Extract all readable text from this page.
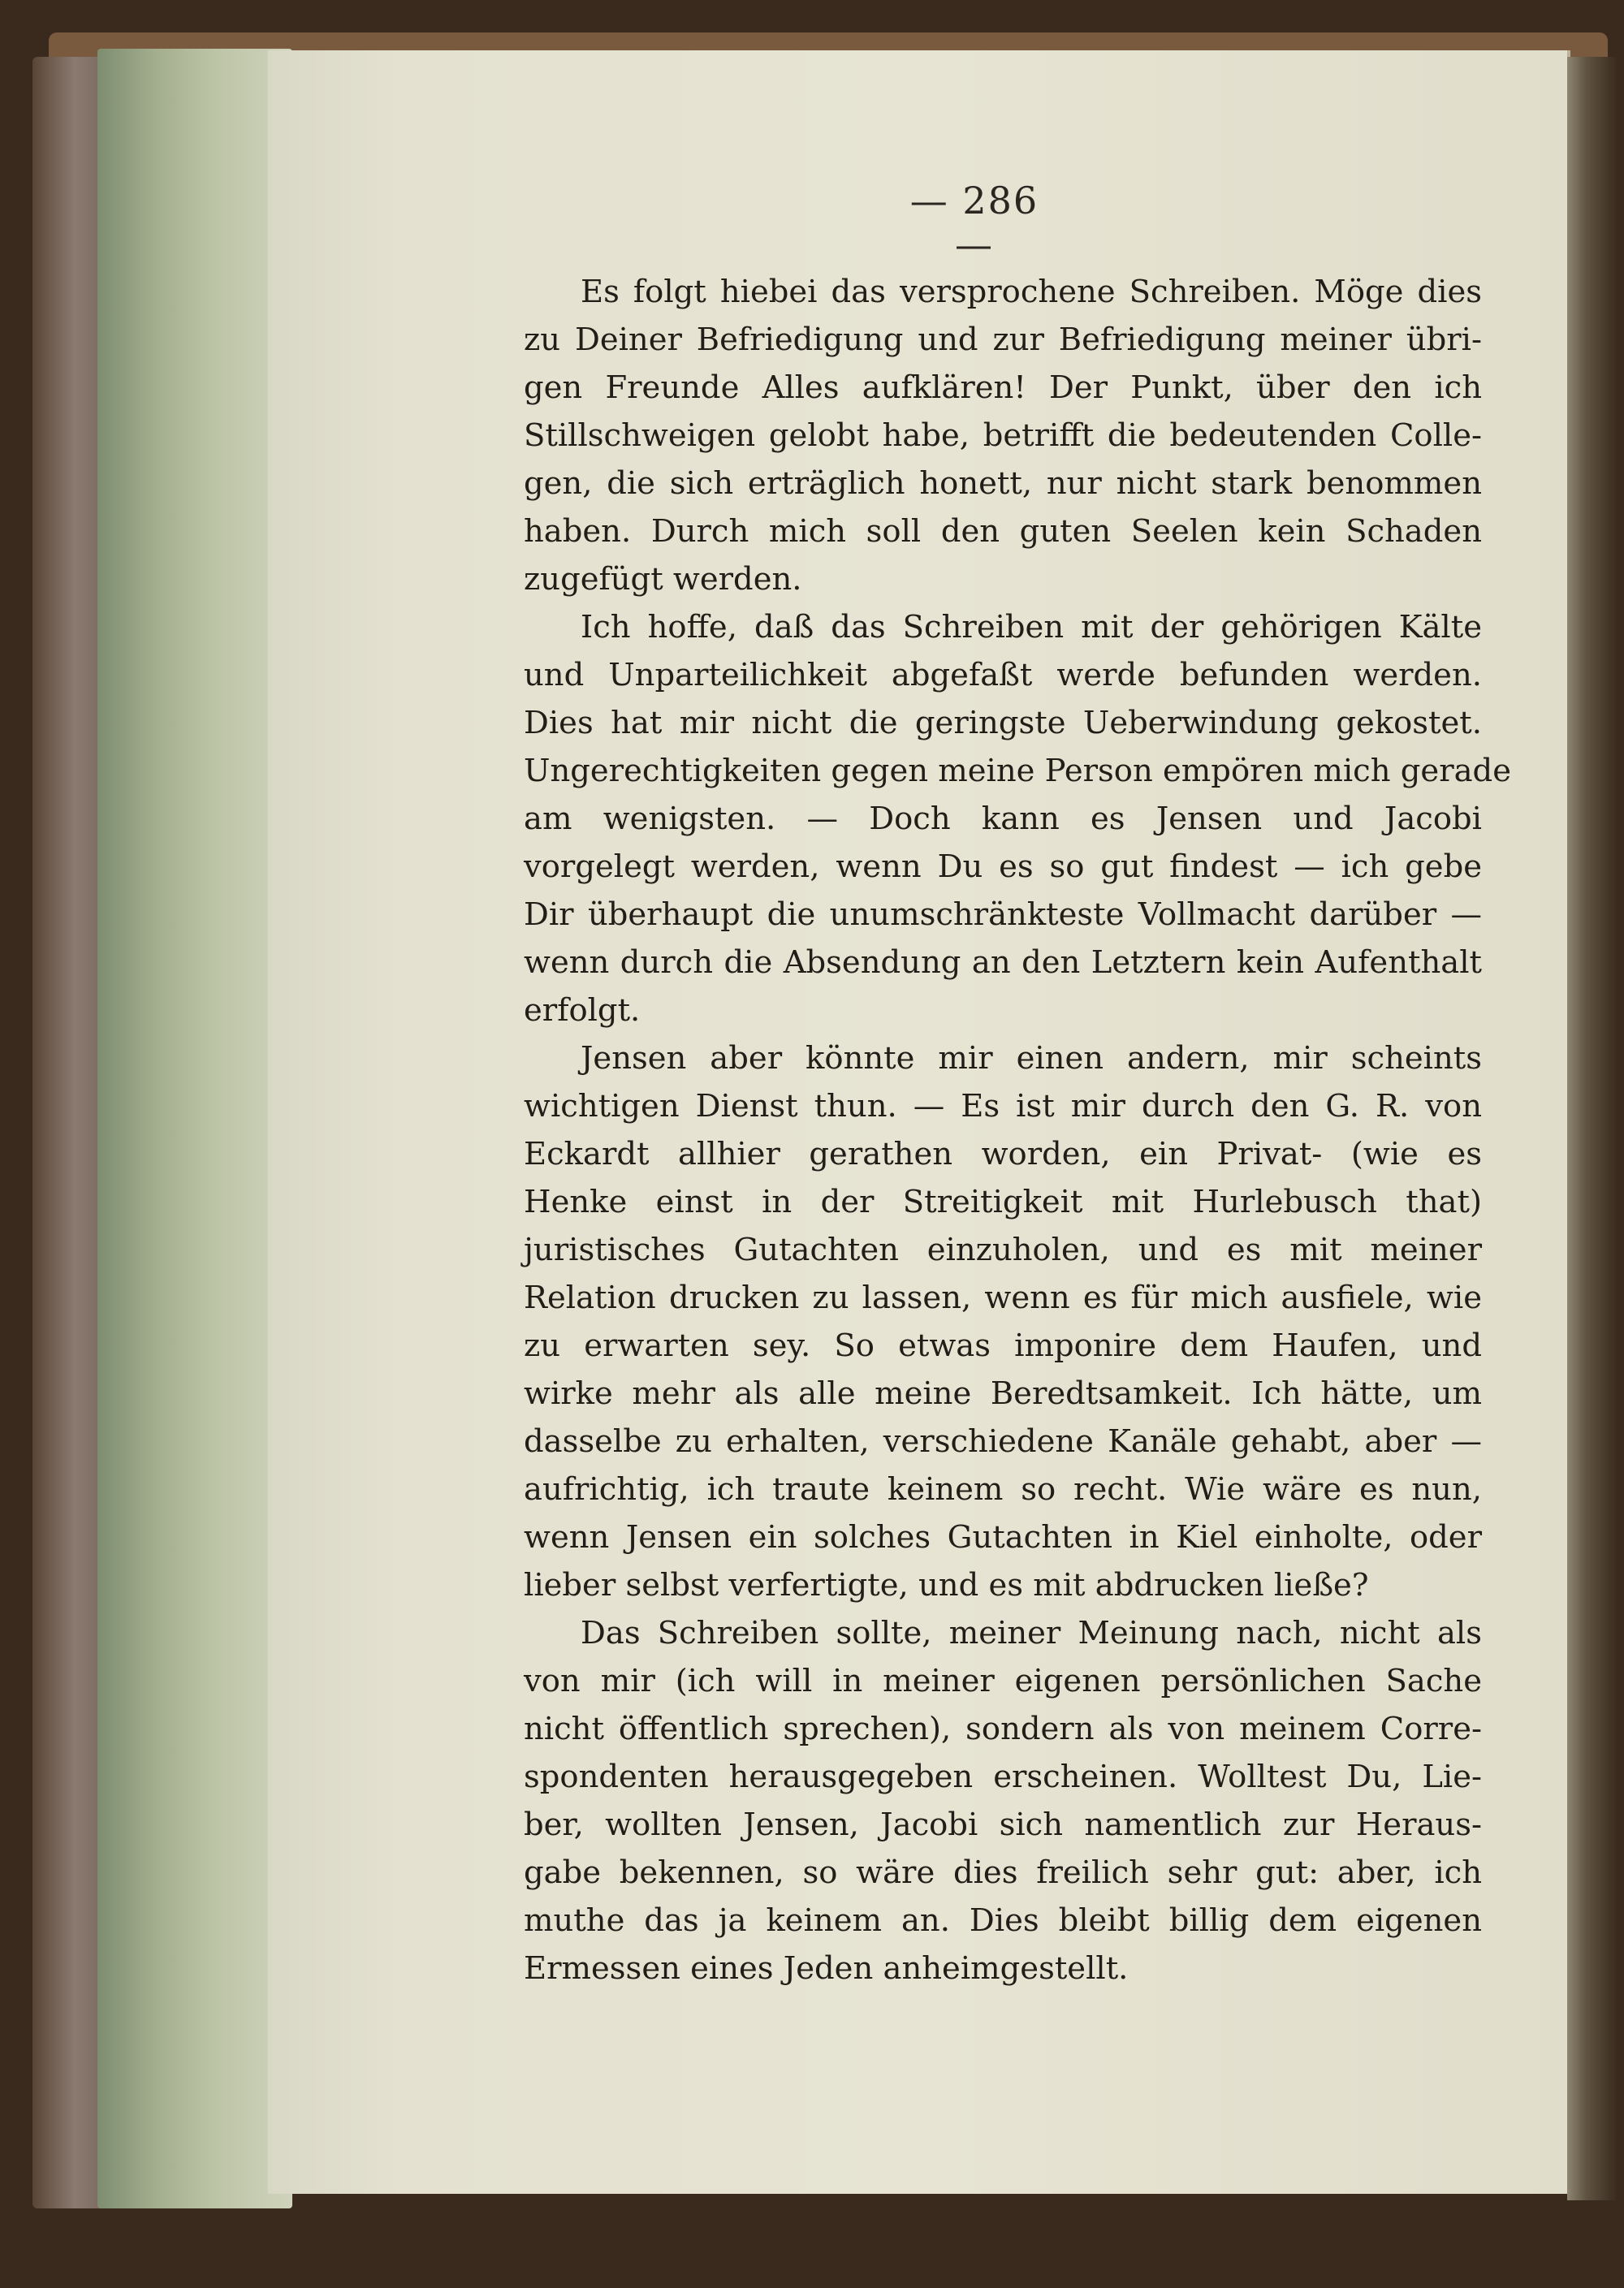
— 286 —
Es folgt hiebei das versprochene Schreiben. Möge dies
zu Deiner Befriedigung und zur Befriedigung meiner übri-
gen Freunde Alles aufklären! Der Punkt, über den ich
Stillschweigen gelobt habe, betrifft die bedeutenden Colle-
gen, die sich erträglich honett, nur nicht stark benommen
haben. Durch mich soll den guten Seelen kein Schaden
zugefügt werden.
Ich hoffe, daß das Schreiben mit der gehörigen Kälte
und Unparteilichkeit abgefaßt werde befunden werden.
Dies hat mir nicht die geringste Ueberwindung gekostet.
Ungerechtigkeiten gegen meine Person empören mich gerade
am wenigsten. — Doch kann es Jensen und Jacobi
vorgelegt werden, wenn Du es so gut findest — ich gebe
Dir überhaupt die unumschränkteste Vollmacht darüber —
wenn durch die Absendung an den Letztern kein Aufenthalt
erfolgt.
Jensen aber könnte mir einen andern, mir scheints
wichtigen Dienst thun. — Es ist mir durch den G. R. von
Eckardt allhier gerathen worden, ein Privat- (wie es
Henke einst in der Streitigkeit mit Hurlebusch that)
juristisches Gutachten einzuholen, und es mit meiner
Relation drucken zu lassen, wenn es für mich ausfiele, wie
zu erwarten sey. So etwas imponire dem Haufen, und
wirke mehr als alle meine Beredtsamkeit. Ich hätte, um
dasselbe zu erhalten, verschiedene Kanäle gehabt, aber —
aufrichtig, ich traute keinem so recht. Wie wäre es nun,
wenn Jensen ein solches Gutachten in Kiel einholte, oder
lieber selbst verfertigte, und es mit abdrucken ließe?
Das Schreiben sollte, meiner Meinung nach, nicht als
von mir (ich will in meiner eigenen persönlichen Sache
nicht öffentlich sprechen), sondern als von meinem Corre-
spondenten herausgegeben erscheinen. Wolltest Du, Lie-
ber, wollten Jensen, Jacobi sich namentlich zur Heraus-
gabe bekennen, so wäre dies freilich sehr gut: aber, ich
muthe das ja keinem an. Dies bleibt billig dem eigenen
Ermessen eines Jeden anheimgestellt.
